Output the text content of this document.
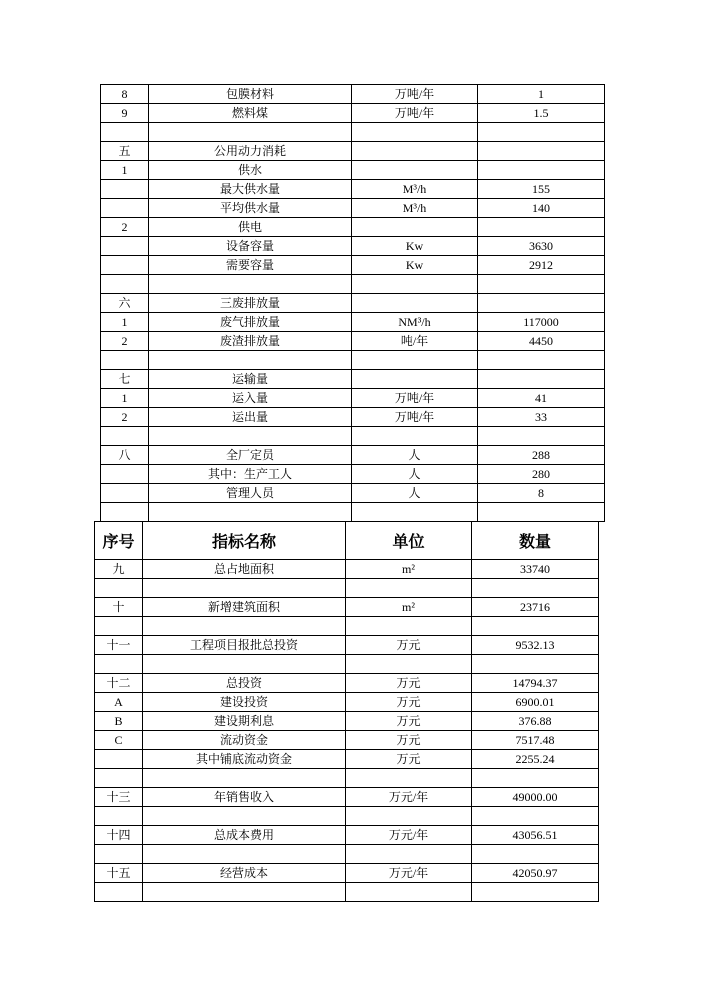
8	包膜材料	万吨/年	1
9	燃料煤	万吨/年	1.5

五	公用动力消耗		
1	供水		
	最大供水量	M³/h	155
	平均供水量	M³/h	140
2	供电		
	设备容量	Kw	3630
	需要容量	Kw	2912

六	三废排放量		
1	废气排放量	NM³/h	117000
2	废渣排放量	吨/年	4450

七	运输量		
1	运入量	万吨/年	41
2	运出量	万吨/年	33

八	全厂定员	人	288
	其中：生产工人	人	280
	管理人员	人	8

序号	指标名称	单位	数量
九	总占地面积	m²	33740

十	新增建筑面积	m²	23716

十一	工程项目报批总投资	万元	9532.13

十二	总投资	万元	14794.37
A	建设投资	万元	6900.01
B	建设期利息	万元	376.88
C	流动资金	万元	7517.48
	其中铺底流动资金	万元	2255.24

十三	年销售收入	万元/年	49000.00

十四	总成本费用	万元/年	43056.51

十五	经营成本	万元/年	42050.97
